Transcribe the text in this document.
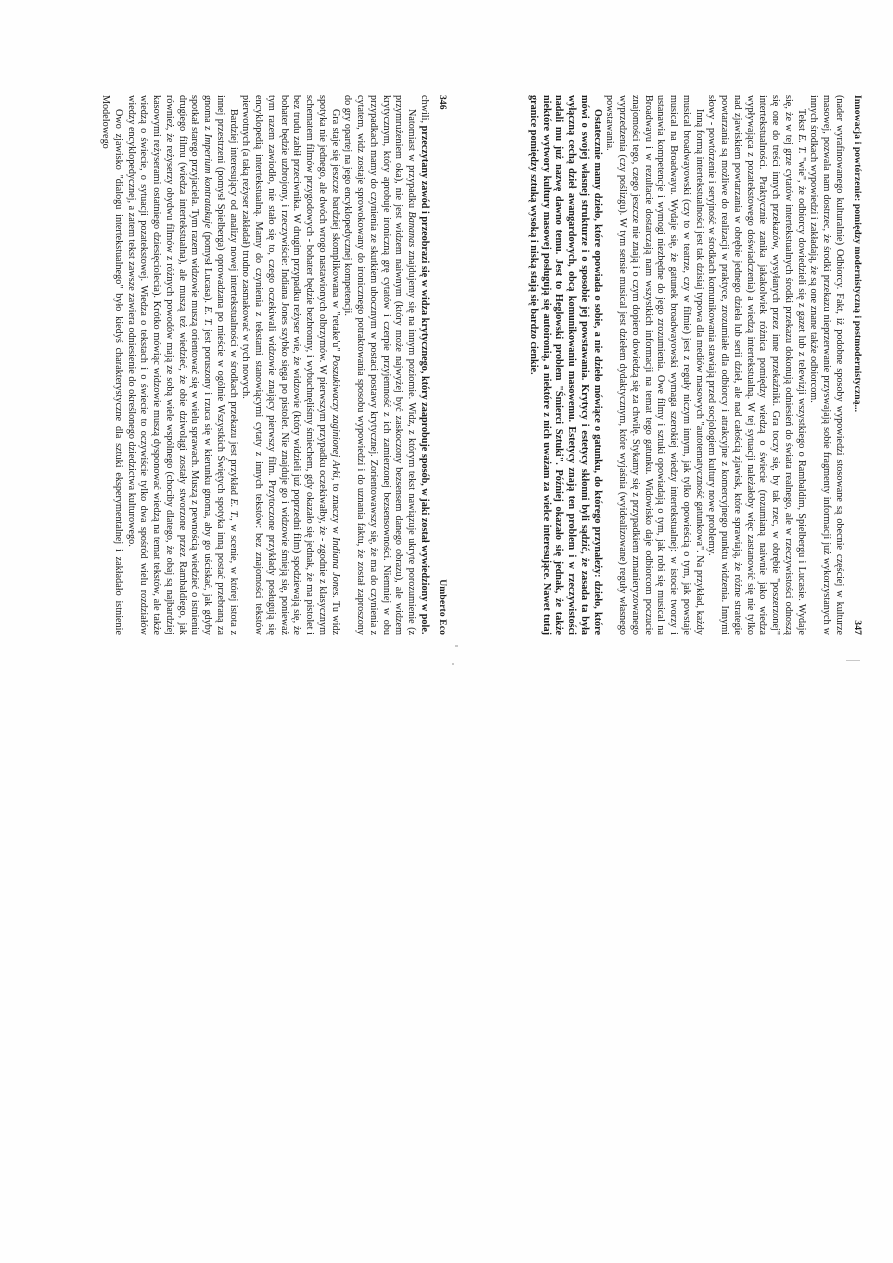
346
Umberto Eco

chwili, przeczytany zawód i przeobrazi się w widza krytycznego, który zaaprobuje sposób, w jaki został wywiedziony w pole.

Natomiast w przypadku Bananas znajdujemy się na innym poziomie. Widz, z którym tekst nawiązuje ukryte porozumienie (z przymrużeniem oka), nie jest widzem naiwnym (który może najwyżej być zaskoczony bezsensem danego obrazu), ale widzem krytycznym, który aprobuje ironiczną grę cytatów i czerpie przyjemność z ich zamierzonej bezsensowności. Niemniej w obu przypadkach mamy do czynienia ze skutkiem ubocznym w postaci postawy krytycznej. Zorientowawszy się, że ma do czynienia z cytatem, widz zostaje sprowokowany do ironicznego potraktowania sposobu wypowiedzi i do uznania faktu, że został zaproszony do gry opartej na jego encyklopedycznej kompetencji.

Gra staje się jeszcze bardziej skomplikowana w "retake'u" Poszukiwaczy zaginionej Arki, to znaczy w Indiana Jones. Tu widz spotyka nie jednego, ale dwóch wrogo nastawionych olbrzymów. W pierwszym przypadku oczekiwałby, że - zgodnie z klasycznym schematem filmów przygodowych - bohater będzie bezbronny, i wybuchnęliśmy śmiechem, gdy okazało się jednak, że ma pistolet i bez trudu zabił przeciwnika. W drugim przypadku reżyser wie, że widzowie (który widzieli już poprzedni film) spodziewają się, że bohater będzie uzbrojony, i rzeczywiście: Indiana Jones szybko sięga po pistolet. Nie znajduje go i widzowie śmieją się, ponieważ tym razem zawiodło, nie stało się to, czego oczekiwali widzowie znający pierwszy film. Przytoczone przykłady posługują się encyklopedią intertekstualną. Mamy do czynienia z tekstami stanowiącymi cytaty z innych tekstów: bez znajomości tekstów pierwotnych (a taką reżyser zakładał) trudno zasmakować w tych nowych.

Bardziej interesujący od analizy nowej intertekstualności w środkach przekazu jest przykład E. T., w scenie, w której istota z innej przestrzeni (pomysł Spielberga) oprowadzana po mieście w ogólnie Wszystkich Świętych spotyka inną postać przebraną za gnoma z Imperium kontratakuje (pomysł Lucasa). E. T. jest poruszony i rzuca się w kierunku gnoma, aby go uściskać, jak gdyby spotkał starego przyjaciela. Tym razem widzowie muszą orientować się w wielu sprawach. Muszą z pewnością wiedzieć o istnieniu drugiego filmu (wiedza intertekstualna), ale muszą też wiedzieć, że obie dziwolągi zostały stworzone przez Rambaldiego, jak również, że reżyserzy obydwu filmów z różnych powodów mają ze sobą wiele wspólnego (chociby dlatego, że obaj są najbardziej kasowymi reżyserami ostatniego dziesięciolecia). Krótko mówiąc widzowie muszą dysponować wiedzą na temat tekstów, ale także wiedzą o świecie, o sytuacji pozatekstowej. Wiedza o tekstach i o świecie to oczywiście tylko dwa spośród wielu rozdziałów wiedzy encyklopedycznej, a zatem tekst zawsze zawiera odniesienie do określonego dziedzictwa kulturowego.

Owo zjawisko "dialogu intertekstualnego" było kiedyś charakterystyczne dla sztuki eksperymentalnej i zakładało istnienie Modelowego	Innowacja i powtórzenie: pomiędzy modernistyczną i postmodernistyczną...
347

(nader wyrafinowanego kulturalnie) Odbiorcy. Fakt, iż podobne sposoby wypowiedzi stosowane są obecnie częściej w kulturze masowej, pozwala nam dostrzec, że środki przekazu nieprzerwanie przyswajają sobie fragmenty informacji już wykorzystanych w innych środkach wypowiedzi i zakładają, że są one znane także odbiorcom.

Tekst E. T. "wie", że odbiorcy dowiedzieli się z gazet lub z telewizji wszystkiego o Rambaldim, Spielbergu i Lucasie. Wydaje się, że w tej grze cytatów intertekstualnych środki przekazu dokonują odniesień do świata realnego, ale w rzeczywistości odnoszą się one do treści innych przekazów, wysyłanych przez inne przekaźniki. Gra toczy się, by tak rzec, w obrębie "poszerzonej" intertekstualności. Praktycznie zanika jakakolwiek różnica pomiędzy wiedzą o świecie (rozumianą naiwnie jako wiedza wypływająca z pozatekstowego doświadczenia) a wiedzą intertekstualną. W tej sytuacji należałoby więc zastanowić się nie tylko nad zjawiskiem powtarzania w obrębie jednego dzieła lub serii dzieł, ale nad całością zjawisk, które sprawiają, że różne strategie powtarzania są możliwe do realizacji w praktyce, zrozumiałe dla odbiorcy i atrakcyjne z komercyjnego punktu widzenia. Innymi słowy - powtórzenie i seryjność w środkach komunikowania stawiają przed socjologiem kultury nowe problemy.

Inną formą intertekstualności jest tak dzisiaj typowa dla mediów masowych "autotematyczność gatunkowa". Na przykład, każdy musical broadwayowski (czy to w teatrze, czy w filmie) jest z reguły niczym innym, jak tylko opowieścią o tym, jak powstaje musical na Broadwayu. Wydaje się, że gatunek broadwayowski wymaga szerokiej wiedzy intertekstualnej: w istocie tworzy i ustanawia kompetencje i wymogi niezbędne do jego zrozumienia. Owe filmy i sztuki opowiadają o tym, jak robi się musical na Broadwayu i w rezultacie dostarczają nam wszystkich informacji na temat tego gatunku. Widowisko daje odbiorcom poczucie znajomości tego, czego jeszcze nie znają i o czym dopiero dowiedzą się za chwilę. Stykamy się z przypadkiem zmanieryzowanego wyprzedzenia (czy poślizgu). W tym sensie musical jest dziełem dydaktycznym, które wyjaśnia (wyidealizowane) reguły własnego powstawania.

Ostatecznie mamy dzieło, które opowiada o sobie, a nie dzieło mówiące o gatunku, do którego przynależy: dzieło, które mówi o swojej własnej strukturze i o sposobie jej powstawania. Krytycy i estetycy skłonni byli sądzić, że zasada ta była wyłączną cechą dzieł awangardowych, obcą komunikowaniu masowemu. Estetycy znają ten problem i w rzeczywistości nadali mu już nazwę dawno temu. Jest to Heglowski problem "Śmierci Sztuki". Później okazało się jednak, że także niektóre wytwory kultury masowej posługują się autoironią, a niektóre z nich uważam za wielce interesujące. Nawet tutaj granice pomiędzy sztuką wysoką i niską stają się bardzo cienkie.
